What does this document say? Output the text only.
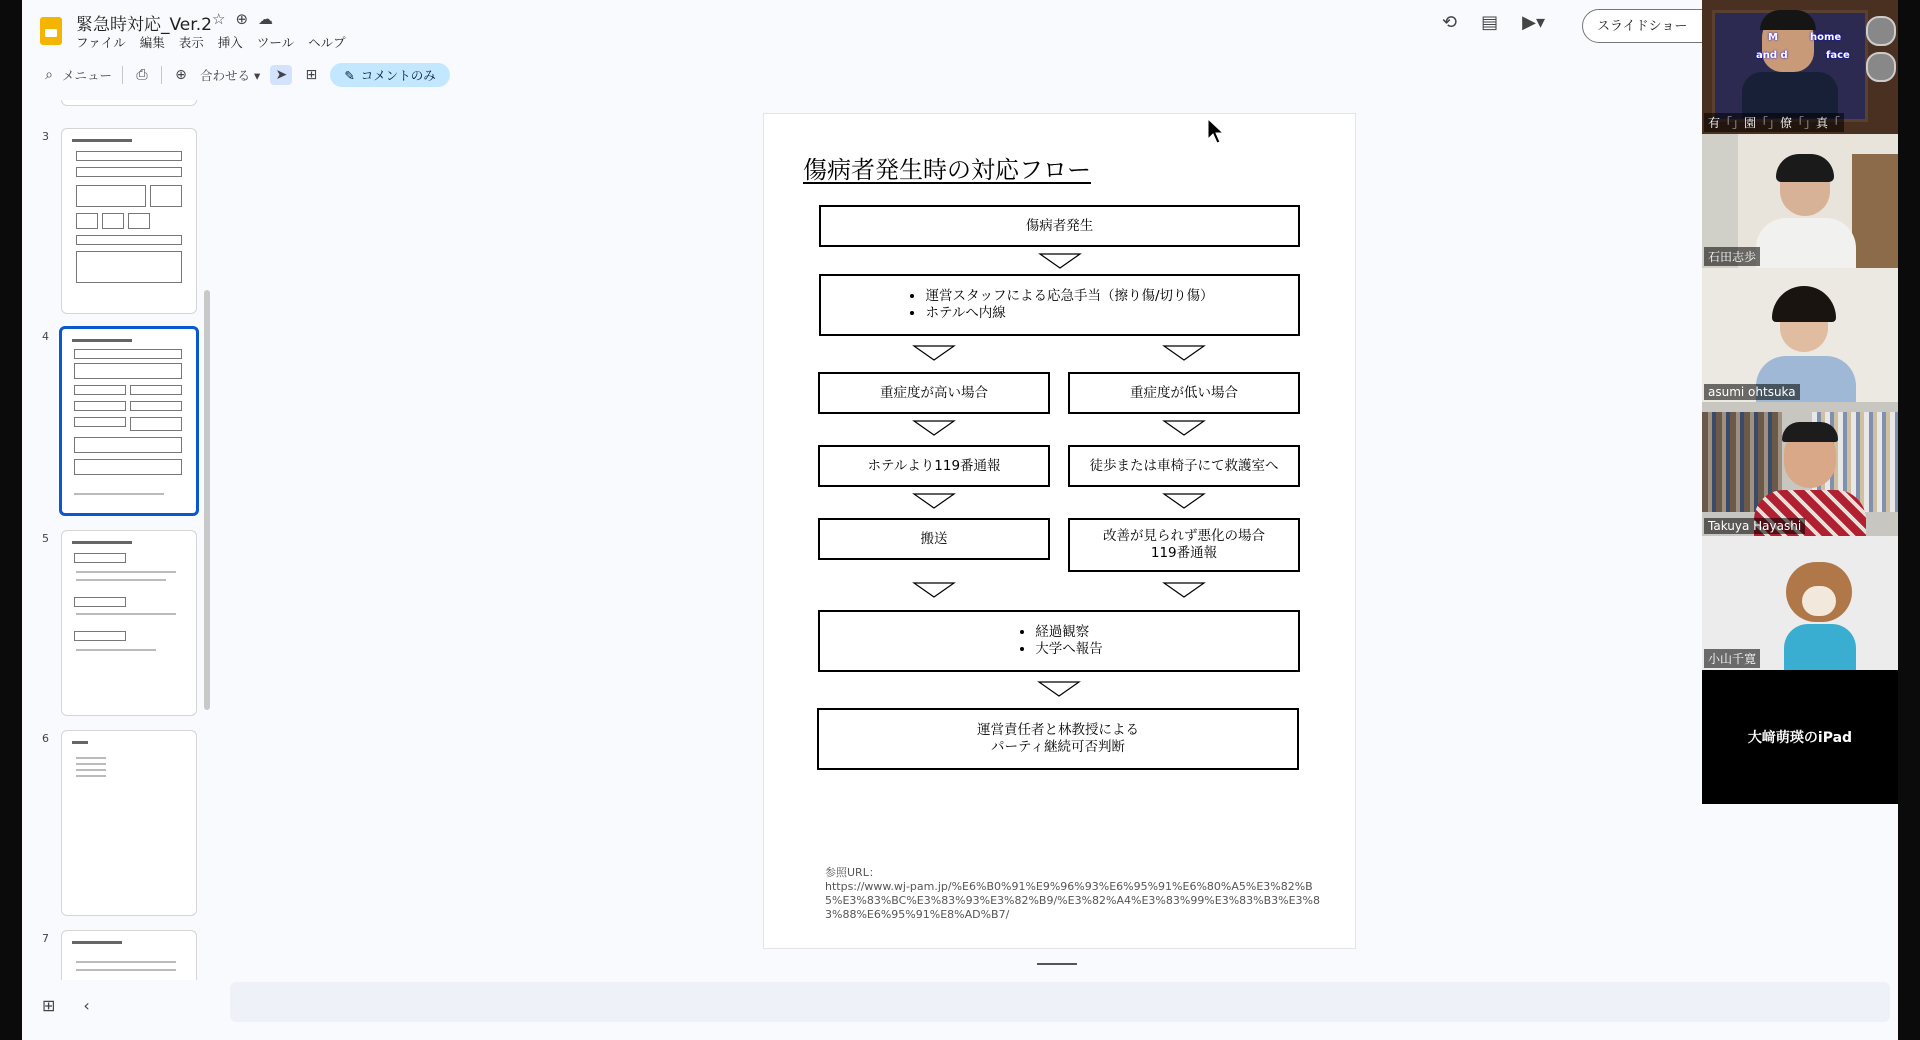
緊急時対応_Ver.2 ☆ ⊕ ☁
ファイル 編集 表示 挿入 ツール ヘルプ
⟲ ▤ ▶▾	スライドショー
⌕ メニュー ⎙ ⊕ 合わせる ▾	➤	⊞ ✎ コメントのみ
3
4
5
6
7
⊞ ‹
傷病者発生時の対応フロー
傷病者発生
• 運営スタッフによる応急手当（擦り傷/切り傷）
• ホテルへ内線
重症度が高い場合	重症度が低い場合
ホテルより119番通報	徒歩または車椅子にて救護室へ
搬送	改善が見られず悪化の場合
119番通報
• 経過観察
• 大学へ報告
運営責任者と林教授による
パーティ継続可否判断
参照URL：
https://www.wj-pam.jp/%E6%B0%91%E9%96%93%E6%95%91%E6%80%A5%E3%82%B5%E3%83%BC%E3%83%93%E3%82%B9/%E3%82%A4%E3%83%99%E3%83%B3%E3%83%88%E6%95%91%E8%AD%B7/
M	home
and d	face
有「」園「」僚「」真「
石田志歩
asumi ohtsuka
Takuya Hayashi
小山千寛
大﨑萌瑛のiPad
